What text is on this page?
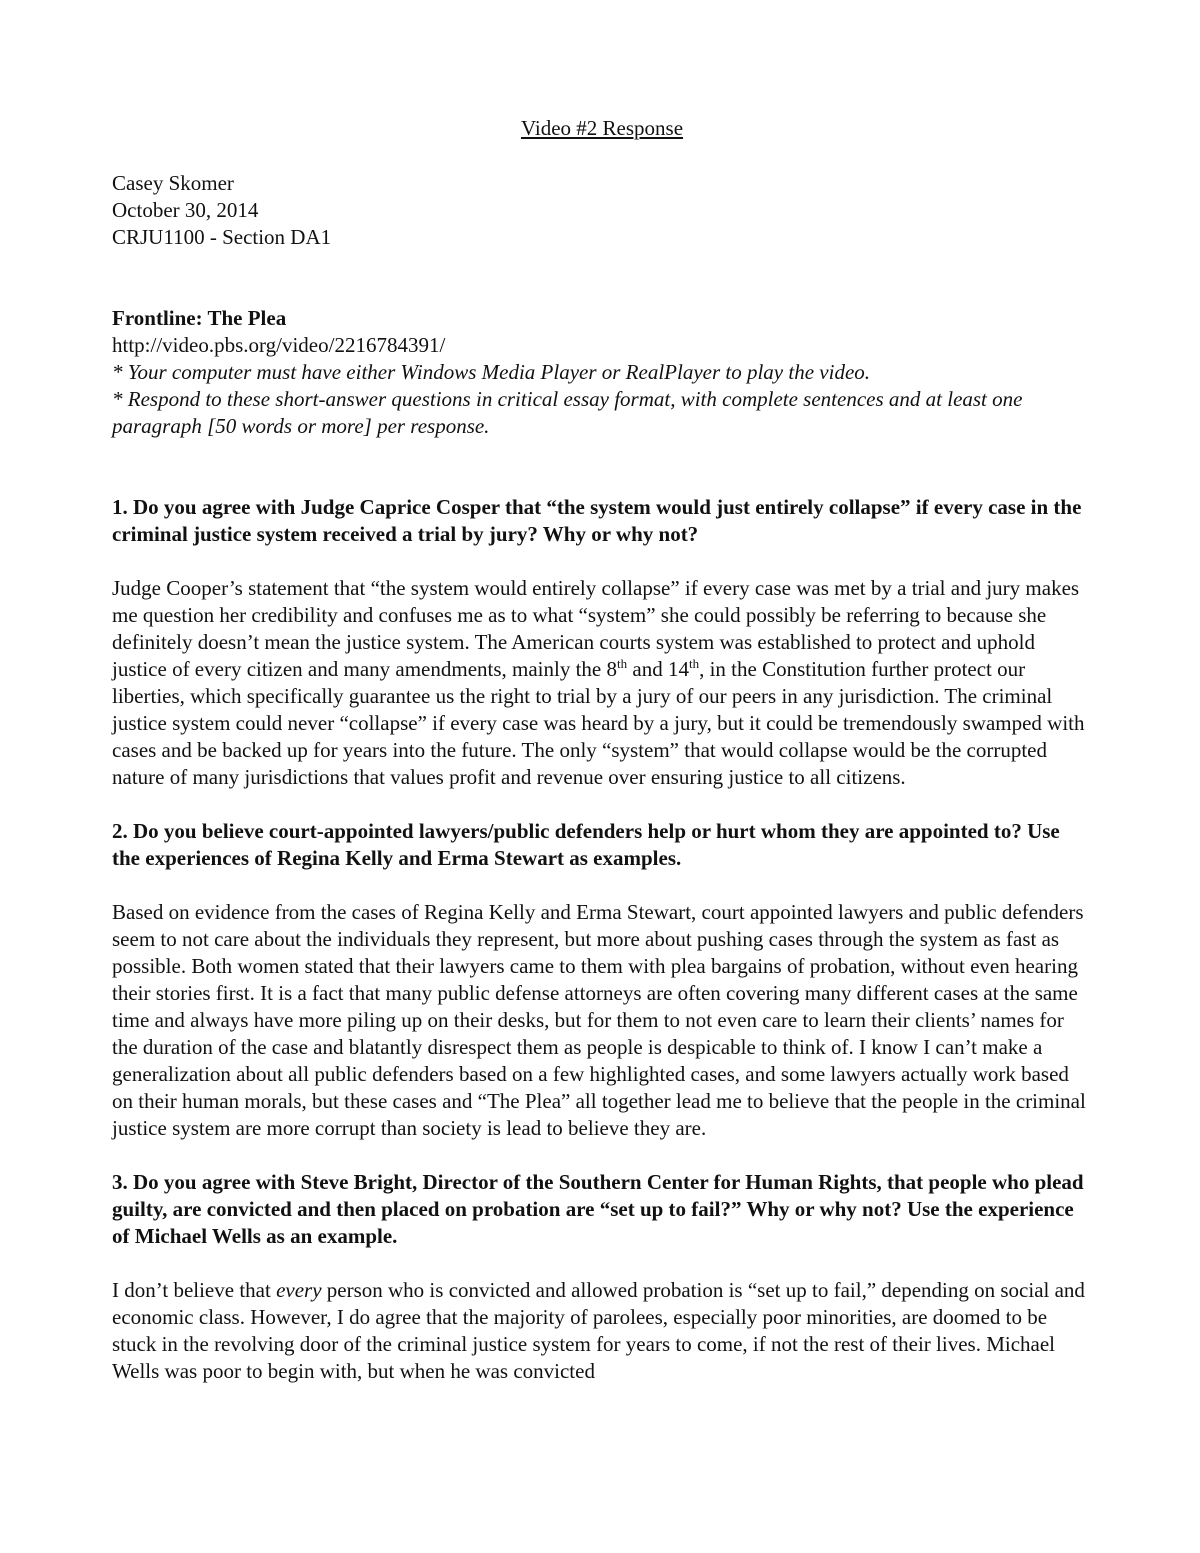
Video #2 Response
Casey Skomer
October 30, 2014
CRJU1100 - Section DA1
Frontline: The Plea
http://video.pbs.org/video/2216784391/
* Your computer must have either Windows Media Player or RealPlayer to play the video.
* Respond to these short-answer questions in critical essay format, with complete sentences and at least one paragraph [50 words or more] per response.

1. Do you agree with Judge Caprice Cosper that “the system would just entirely collapse” if every case in the criminal justice system received a trial by jury? Why or why not?

Judge Cooper’s statement that “the system would entirely collapse” if every case was met by a trial and jury makes me question her credibility and confuses me as to what “system” she could possibly be referring to because she definitely doesn’t mean the justice system. The American courts system was established to protect and uphold justice of every citizen and many amendments, mainly the 8th and 14th, in the Constitution further protect our liberties, which specifically guarantee us the right to trial by a jury of our peers in any jurisdiction. The criminal justice system could never “collapse” if every case was heard by a jury, but it could be tremendously swamped with cases and be backed up for years into the future. The only “system” that would collapse would be the corrupted nature of many jurisdictions that values profit and revenue over ensuring justice to all citizens.

2. Do you believe court-appointed lawyers/public defenders help or hurt whom they are appointed to? Use the experiences of Regina Kelly and Erma Stewart as examples.

Based on evidence from the cases of Regina Kelly and Erma Stewart, court appointed lawyers and public defenders seem to not care about the individuals they represent, but more about pushing cases through the system as fast as possible. Both women stated that their lawyers came to them with plea bargains of probation, without even hearing their stories first. It is a fact that many public defense attorneys are often covering many different cases at the same time and always have more piling up on their desks, but for them to not even care to learn their clients’ names for the duration of the case and blatantly disrespect them as people is despicable to think of. I know I can’t make a generalization about all public defenders based on a few highlighted cases, and some lawyers actually work based on their human morals, but these cases and “The Plea” all together lead me to believe that the people in the criminal justice system are more corrupt than society is lead to believe they are.

3. Do you agree with Steve Bright, Director of the Southern Center for Human Rights, that people who plead guilty, are convicted and then placed on probation are “set up to fail?” Why or why not? Use the experience of Michael Wells as an example.

I don’t believe that every person who is convicted and allowed probation is “set up to fail,” depending on social and economic class. However, I do agree that the majority of parolees, especially poor minorities, are doomed to be stuck in the revolving door of the criminal justice system for years to come, if not the rest of their lives. Michael Wells was poor to begin with, but when he was convicted
